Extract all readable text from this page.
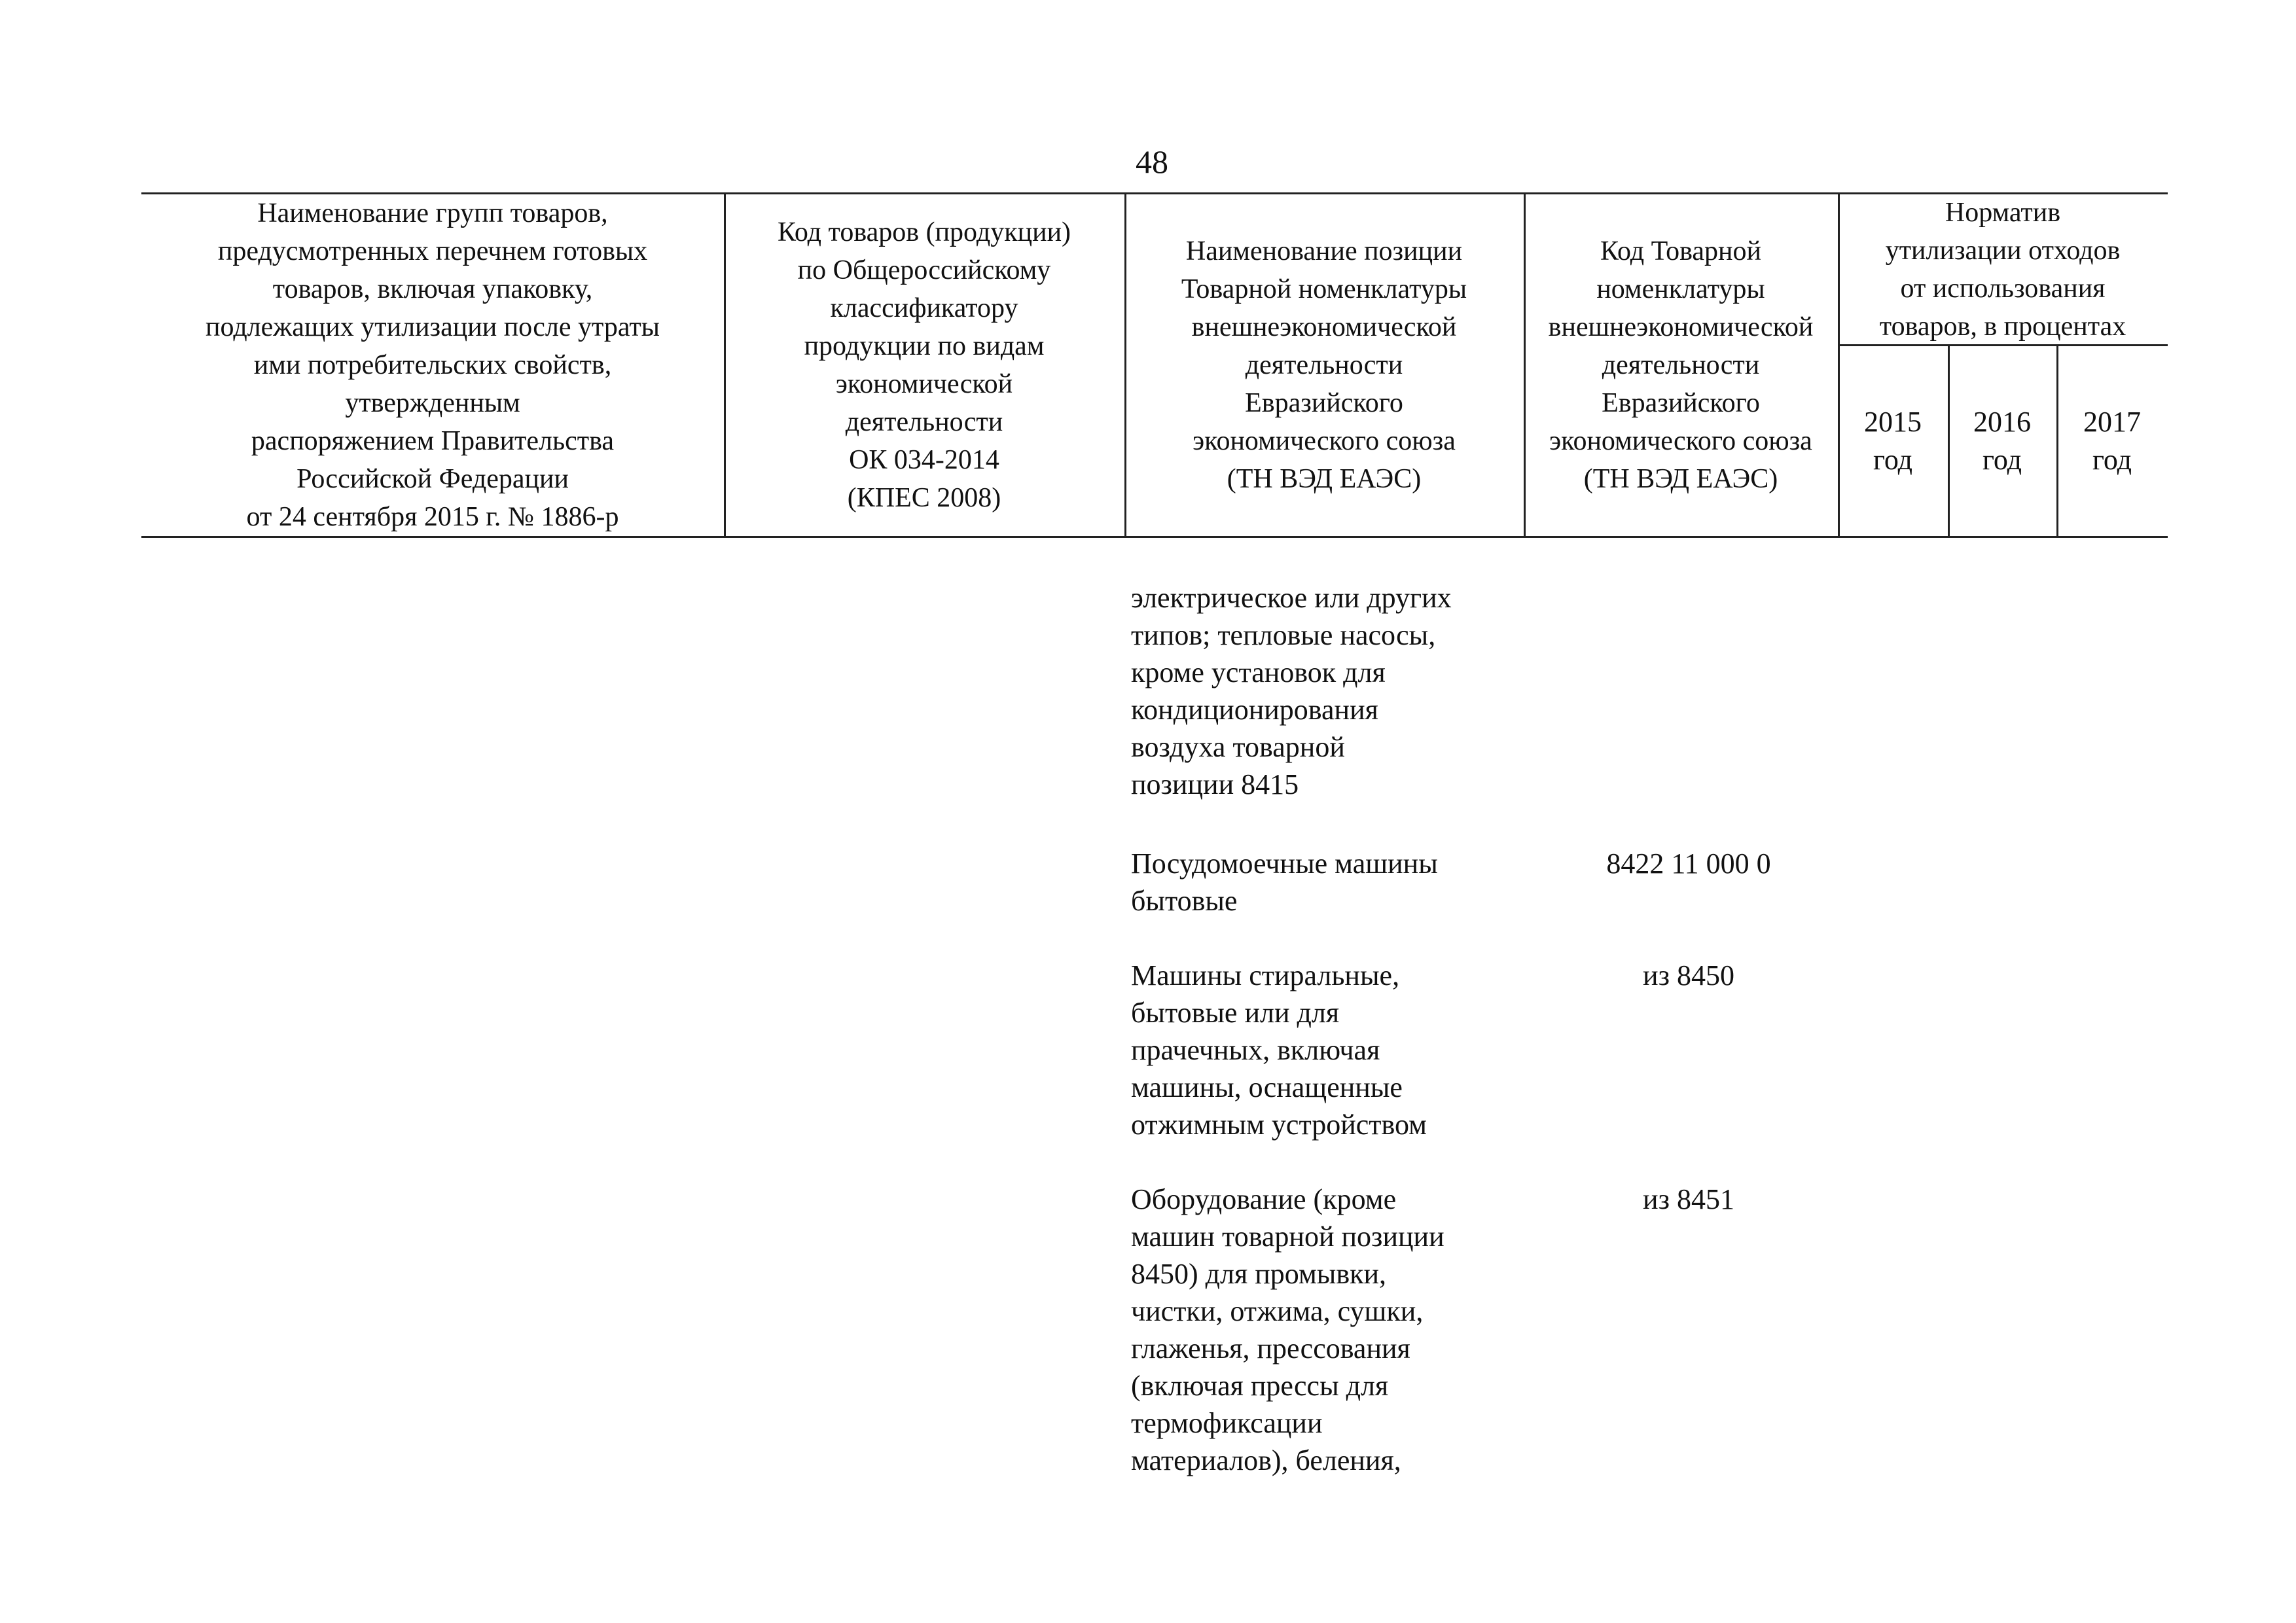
48
Наименование групп товаров,
предусмотренных перечнем готовых
товаров, включая упаковку,
подлежащих утилизации после утраты
ими потребительских свойств,
утвержденным
распоряжением Правительства
Российской Федерации
от 24 сентября 2015 г. № 1886-р
Код товаров (продукции)
по Общероссийскому
классификатору
продукции по видам
экономической
деятельности
ОК 034-2014
(КПЕС 2008)
Наименование позиции
Товарной номенклатуры
внешнеэкономической
деятельности
Евразийского
экономического союза
(ТН ВЭД ЕАЭС)
Код Товарной
номенклатуры
внешнеэкономической
деятельности
Евразийского
экономического союза
(ТН ВЭД ЕАЭС)
Норматив
утилизации отходов
от использования
товаров, в процентах
2015
год
2016
год
2017
год
электрическое или других
типов; тепловые насосы,
кроме установок для
кондиционирования
воздуха товарной
позиции 8415
Посудомоечные машины
бытовые
8422 11 000 0
Машины стиральные,
бытовые или для
прачечных, включая
машины, оснащенные
отжимным устройством
из 8450
Оборудование (кроме
машин товарной позиции
8450) для промывки,
чистки, отжима, сушки,
глаженья, прессования
(включая прессы для
термофиксации
материалов), беления,
из 8451
